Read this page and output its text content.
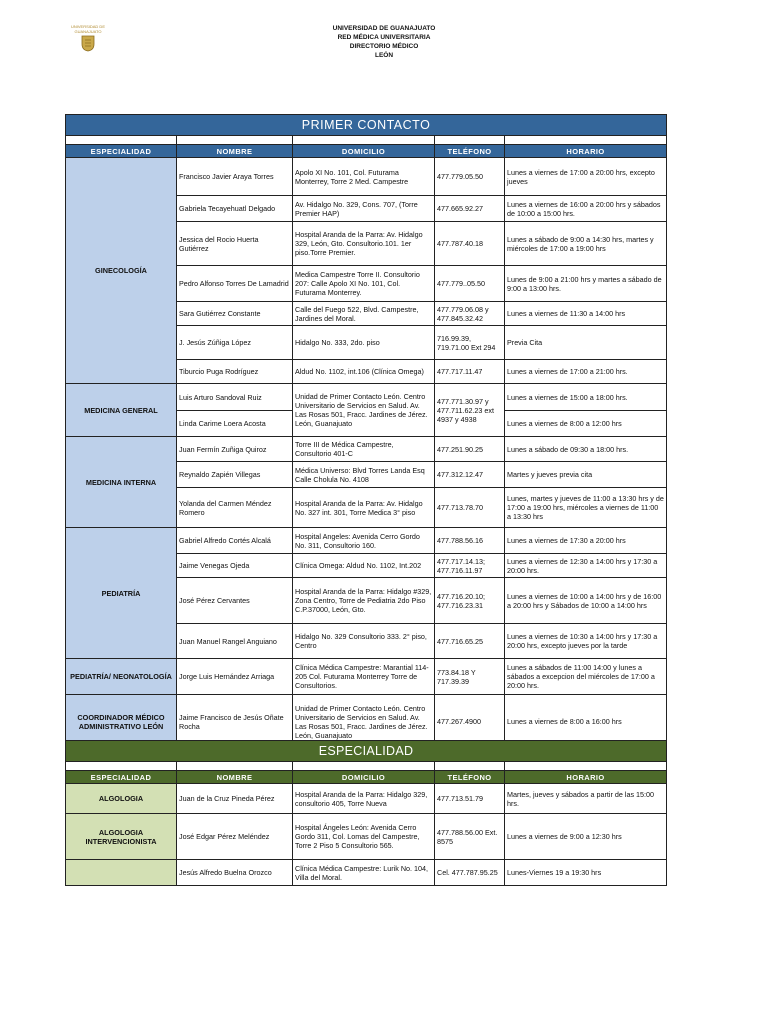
UNIVERSIDAD DE GUANAJUATO	UNIVERSIDAD DE GUANAJUATO
RED MÉDICA UNIVERSITARIA
DIRECTORIO MÉDICO
LEÓN
PRIMER CONTACTO				

ESPECIALIDAD	NOMBRE	DOMICILIO	TELÉFONO	HORARIO
GINECOLOGÍA	Francisco Javier Araya Torres	Apolo XI No. 101, Col. Futurama Monterrey, Torre 2 Med. Campestre	477.779.05.50	Lunes a viernes de 17:00 a 20:00 hrs, excepto jueves
	Gabriela Tecayehuatl Delgado	Av. Hidalgo No. 329, Cons. 707, (Torre Premier HAP)	477.665.92.27	Lunes a viernes de 16:00 a 20:00 hrs y sábados de 10:00 a 15:00 hrs.
	Jessica del Rocio Huerta Gutiérrez	Hospital Aranda de la Parra: Av. Hidalgo 329, León, Gto. Consultorio.101. 1er piso.Torre Premier.	477.787.40.18	Lunes a sábado de 9:00 a 14:30 hrs, martes y miércoles de 17:00 a 19:00 hrs
	Pedro Alfonso Torres De Lamadrid	Medica Campestre Torre II. Consultorio 207: Calle Apolo XI No. 101, Col. Futurama Monterrey.	477.779..05.50	Lunes de 9:00 a 21:00 hrs y martes a sábado de 9:00 a 13:00 hrs.
	Sara Gutiérrez Constante	Calle del Fuego 522, Blvd. Campestre, Jardines del Moral.	477.779.06.08 y 477.845.32.42	Lunes a viernes de 11:30 a 14:00 hrs
	J. Jesús Zúñiga López	Hidalgo No. 333, 2do. piso	716.99.39, 719.71.00 Ext 294	Previa Cita
	Tiburcio Puga Rodríguez	Aldud No. 1102, int.106 (Clínica Omega)	477.717.11.47	Lunes a viernes de 17:00 a 21:00 hrs.
MEDICINA GENERAL	Luis Arturo Sandoval Ruiz	Unidad de Primer Contacto León. Centro Universitario de Servicios en Salud. Av. Las Rosas 501, Fracc. Jardines de Jérez. León, Guanajuato	477.771.30.97 y 477.711.62.23 ext 4937 y 4938	Lunes a viernes de 15:00 a 18:00 hrs.
	Linda Carime Loera Acosta			Lunes a viernes de 8:00 a 12:00 hrs
MEDICINA INTERNA	Juan Fermín Zuñiga Quiroz	Torre III de Médica Campestre, Consultorio 401-C	477.251.90.25	Lunes a sábado de 09:30 a 18:00 hrs.
	Reynaldo Zapién Villegas	Médica Universo: Blvd Torres Landa Esq Calle Cholula No. 4108	477.312.12.47	Martes y jueves previa cita
	Yolanda del Carmen Méndez Romero	Hospital Aranda de la Parra: Av. Hidalgo No. 327 int. 301, Torre Medica 3° piso	477.713.78.70	Lunes, martes y jueves de 11:00 a 13:30 hrs y de 17:00 a 19:00 hrs, miércoles a viernes de 11:00 a 13:30 hrs
PEDIATRÍA	Gabriel Alfredo Cortés Alcalá	Hospital Angeles: Avenida Cerro Gordo No. 311, Consultorio 160.	477.788.56.16	Lunes a viernes de 17:30 a 20:00 hrs
	Jaime Venegas Ojeda	Clínica Omega: Aldud No. 1102, Int.202	477.717.14.13; 477.716.11.97	Lunes a viernes de 12:30 a 14:00 hrs y 17:30 a 20:00 hrs.
	José Pérez Cervantes	Hospital Aranda de la Parra: Hidalgo #329, Zona Centro, Torre de Pediatria 2do Piso C.P.37000, León, Gto.	477.716.20.10; 477.716.23.31	Lunes a viernes de 10:00 a 14:00 hrs y de 16:00 a 20:00 hrs y Sábados de 10:00 a 14:00 hrs
	Juan Manuel Rangel Anguiano	Hidalgo No. 329 Consultorio 333. 2° piso, Centro	477.716.65.25	Lunes a viernes de 10:30 a 14:00 hrs y 17:30 a 20:00 hrs, excepto jueves por la tarde
PEDIATRÍA/ NEONATOLOGÍA	Jorge Luis Hernández Arriaga	Clínica Médica Campestre: Marantial 114-205 Col. Futurama Monterrey Torre de Consultorios.	773.84.18 Y 717.39.39	Lunes a sábados de 11:00 14:00 y lunes a sábados a excepcion del miércoles de 17:00 a 20:00 hrs.
COORDINADOR MÉDICO ADMINISTRATIVO LEÓN	Jaime Francisco de Jesús Oñate Rocha	Unidad de Primer Contacto León. Centro Universitario de Servicios en Salud. Av. Las Rosas 501, Fracc. Jardines de Jérez. León, Guanajuato	477.267.4900	Lunes a viernes de 8:00 a 16:00 hrs

ESPECIALIDAD				

ESPECIALIDAD	NOMBRE	DOMICILIO	TELÉFONO	HORARIO
ALGOLOGIA	Juan de la Cruz Pineda Pérez	Hospital Aranda de la Parra: Hidalgo 329, consultorio 405, Torre Nueva	477.713.51.79	Martes, jueves y sábados a partir de las 15:00 hrs.
ALGOLOGIA INTERVENCIONISTA	José Edgar Pérez Meléndez	Hospital Ángeles León: Avenida Cerro Gordo 311, Col. Lomas del Campestre, Torre 2 Piso 5 Consultorio 565.	477.788.56.00 Ext. 8575	Lunes a viernes de 9:00 a 12:30 hrs
	Jesús Alfredo Buelna Orozco	Clínica Médica Campestre: Lurik No. 104, Villa del Moral.	Cel. 477.787.95.25	Lunes-Viernes 19 a 19:30 hrs
